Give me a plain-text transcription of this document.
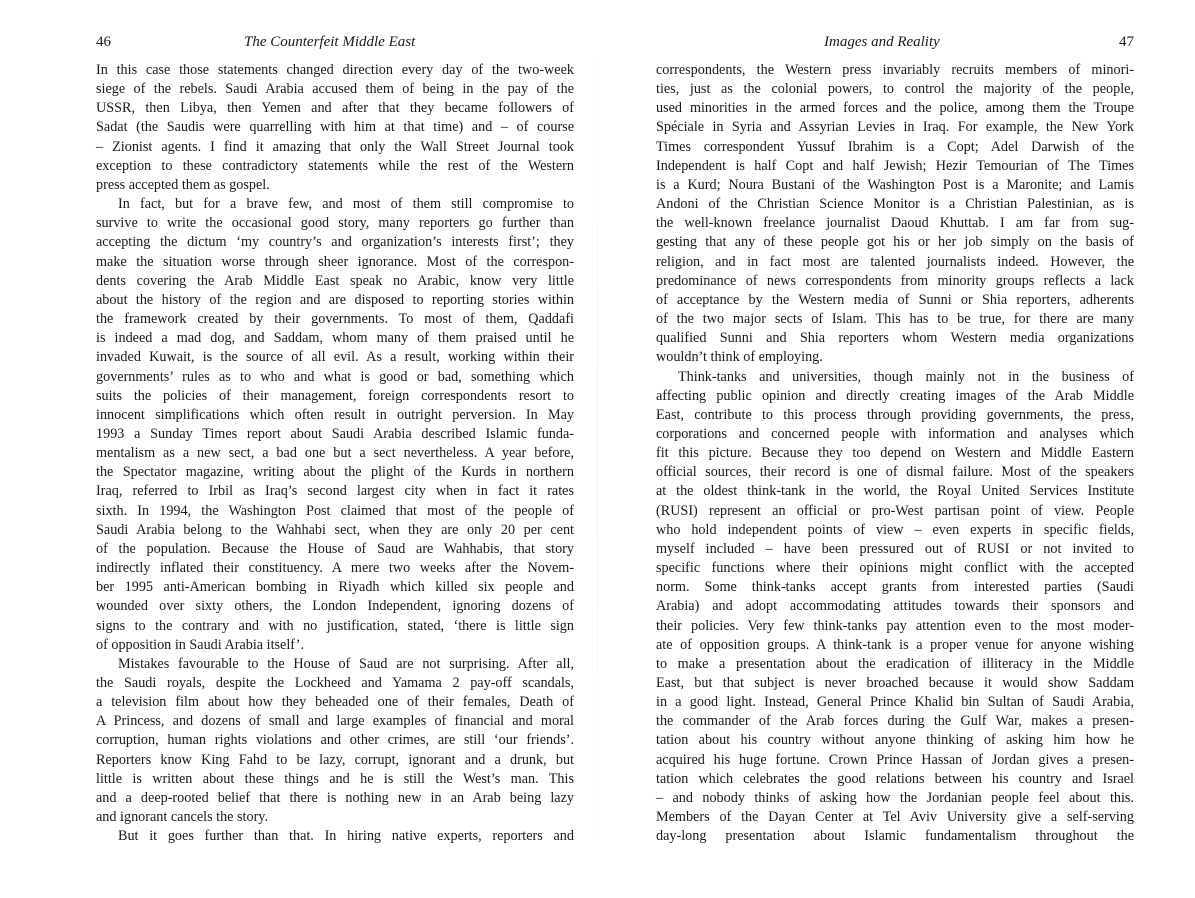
46	The Counterfeit Middle East
In this case those statements changed direction every day of the two-week
siege of the rebels. Saudi Arabia accused them of being in the pay of the
USSR, then Libya, then Yemen and after that they became followers of
Sadat (the Saudis were quarrelling with him at that time) and – of course
– Zionist agents. I find it amazing that only the Wall Street Journal took
exception to these contradictory statements while the rest of the Western
press accepted them as gospel.
In fact, but for a brave few, and most of them still compromise to
survive to write the occasional good story, many reporters go further than
accepting the dictum ‘my country’s and organization’s interests first’; they
make the situation worse through sheer ignorance. Most of the correspon-
dents covering the Arab Middle East speak no Arabic, know very little
about the history of the region and are disposed to reporting stories within
the framework created by their governments. To most of them, Qaddafi
is indeed a mad dog, and Saddam, whom many of them praised until he
invaded Kuwait, is the source of all evil. As a result, working within their
governments’ rules as to who and what is good or bad, something which
suits the policies of their management, foreign correspondents resort to
innocent simplifications which often result in outright perversion. In May
1993 a Sunday Times report about Saudi Arabia described Islamic funda-
mentalism as a new sect, a bad one but a sect nevertheless. A year before,
the Spectator magazine, writing about the plight of the Kurds in northern
Iraq, referred to Irbil as Iraq’s second largest city when in fact it rates
sixth. In 1994, the Washington Post claimed that most of the people of
Saudi Arabia belong to the Wahhabi sect, when they are only 20 per cent
of the population. Because the House of Saud are Wahhabis, that story
indirectly inflated their constituency. A mere two weeks after the Novem-
ber 1995 anti-American bombing in Riyadh which killed six people and
wounded over sixty others, the London Independent, ignoring dozens of
signs to the contrary and with no justification, stated, ‘there is little sign
of opposition in Saudi Arabia itself’.
Mistakes favourable to the House of Saud are not surprising. After all,
the Saudi royals, despite the Lockheed and Yamama 2 pay-off scandals,
a television film about how they beheaded one of their females, Death of
A Princess, and dozens of small and large examples of financial and moral
corruption, human rights violations and other crimes, are still ‘our friends’.
Reporters know King Fahd to be lazy, corrupt, ignorant and a drunk, but
little is written about these things and he is still the West’s man. This
and a deep-rooted belief that there is nothing new in an Arab being lazy
and ignorant cancels the story.
But it goes further than that. In hiring native experts, reporters and
Images and Reality	47
correspondents, the Western press invariably recruits members of minori-
ties, just as the colonial powers, to control the majority of the people,
used minorities in the armed forces and the police, among them the Troupe
Spéciale in Syria and Assyrian Levies in Iraq. For example, the New York
Times correspondent Yussuf Ibrahim is a Copt; Adel Darwish of the
Independent is half Copt and half Jewish; Hezir Temourian of The Times
is a Kurd; Noura Bustani of the Washington Post is a Maronite; and Lamis
Andoni of the Christian Science Monitor is a Christian Palestinian, as is
the well-known freelance journalist Daoud Khuttab. I am far from sug-
gesting that any of these people got his or her job simply on the basis of
religion, and in fact most are talented journalists indeed. However, the
predominance of news correspondents from minority groups reflects a lack
of acceptance by the Western media of Sunni or Shia reporters, adherents
of the two major sects of Islam. This has to be true, for there are many
qualified Sunni and Shia reporters whom Western media organizations
wouldn’t think of employing.
Think-tanks and universities, though mainly not in the business of
affecting public opinion and directly creating images of the Arab Middle
East, contribute to this process through providing governments, the press,
corporations and concerned people with information and analyses which
fit this picture. Because they too depend on Western and Middle Eastern
official sources, their record is one of dismal failure. Most of the speakers
at the oldest think-tank in the world, the Royal United Services Institute
(RUSI) represent an official or pro-West partisan point of view. People
who hold independent points of view – even experts in specific fields,
myself included – have been pressured out of RUSI or not invited to
specific functions where their opinions might conflict with the accepted
norm. Some think-tanks accept grants from interested parties (Saudi
Arabia) and adopt accommodating attitudes towards their sponsors and
their policies. Very few think-tanks pay attention even to the most moder-
ate of opposition groups. A think-tank is a proper venue for anyone wishing
to make a presentation about the eradication of illiteracy in the Middle
East, but that subject is never broached because it would show Saddam
in a good light. Instead, General Prince Khalid bin Sultan of Saudi Arabia,
the commander of the Arab forces during the Gulf War, makes a presen-
tation about his country without anyone thinking of asking him how he
acquired his huge fortune. Crown Prince Hassan of Jordan gives a presen-
tation which celebrates the good relations between his country and Israel
– and nobody thinks of asking how the Jordanian people feel about this.
Members of the Dayan Center at Tel Aviv University give a self-serving
day-long presentation about Islamic fundamentalism throughout the
